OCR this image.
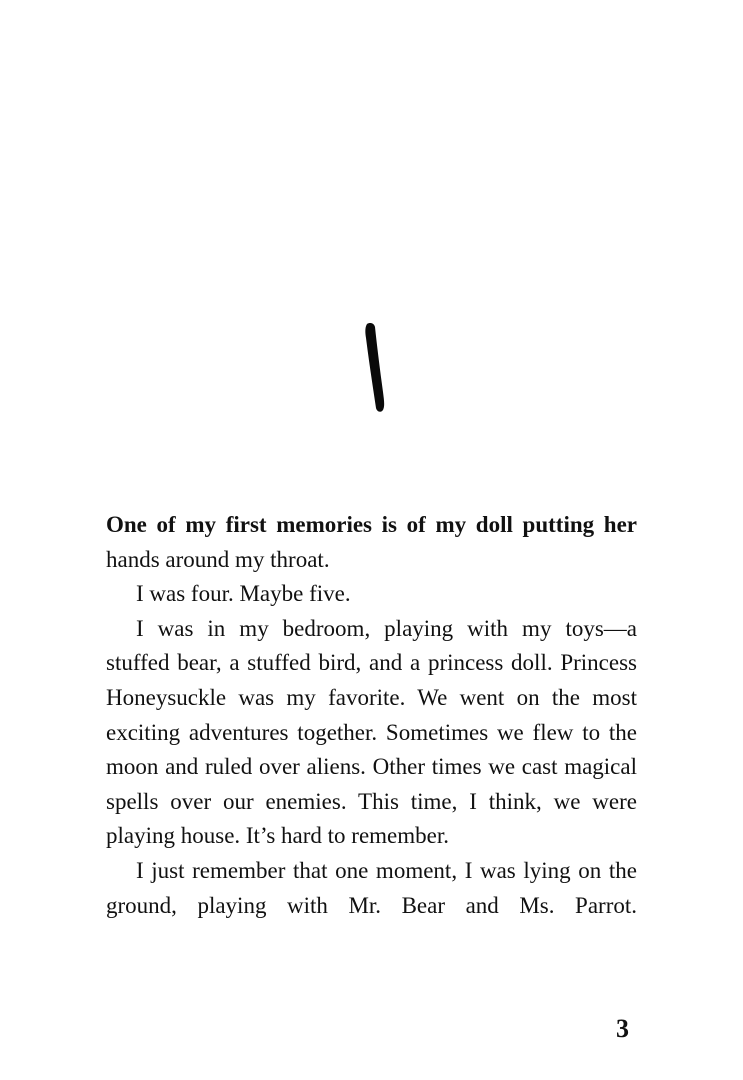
One of my first memories is of my doll putting her hands around my throat.

I was four. Maybe five.

I was in my bedroom, playing with my toys—a stuffed bear, a stuffed bird, and a princess doll. Princess Honeysuckle was my favorite. We went on the most exciting adventures together. Sometimes we flew to the moon and ruled over aliens. Other times we cast magical spells over our enemies. This time, I think, we were playing house. It’s hard to remember.

I just remember that one moment, I was lying on the ground, playing with Mr. Bear and Ms. Parrot.

3
